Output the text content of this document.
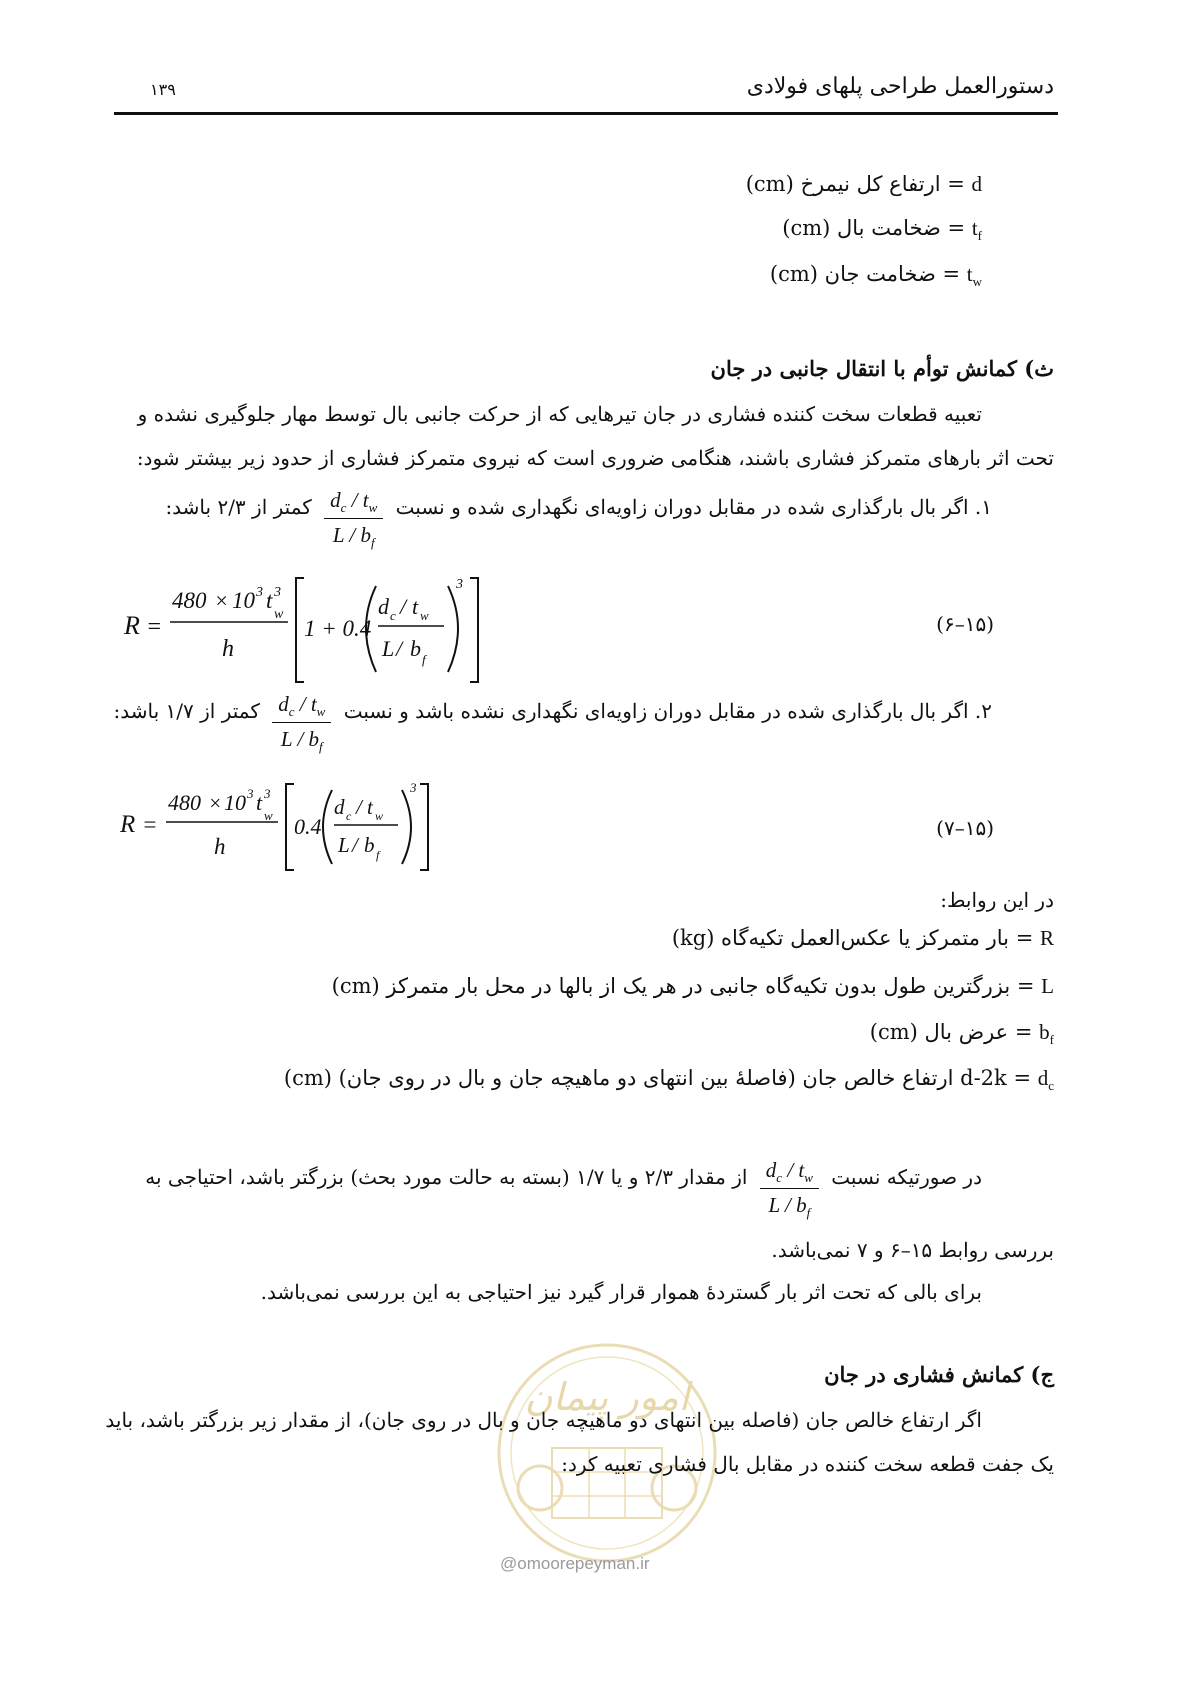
دستورالعمل طراحی پلهای فولادی
۱۳۹
d = ارتفاع کل نیمرخ (cm)
$t_f$ = ضخامت بال (cm)
$t_w$ = ضخامت جان (cm)
ث) کمانش توأم با انتقال جانبی در جان
تعبیه قطعات سخت کننده فشاری در جان تیرهایی که از حرکت جانبی بال توسط مهار جلوگیری نشده و
تحت اثر بارهای متمرکز فشاری باشند، هنگامی ضروری است که نیروی متمرکز فشاری از حدود زیر بیشتر شود:
۱. اگر بال بارگذاری شده در مقابل دوران زاویه‌ای نگهداری شده و نسبت
$\frac{d_c / t_w}{L / b_f}$
کمتر از ۲/۳ باشد:
R =
480 × 10 3 t 3
w
h
1 + 0.4
d c / t w
L / b f
3
(۱۵–۶)
۲. اگر بال بارگذاری شده در مقابل دوران زاویه‌ای نگهداری نشده باشد و نسبت
$\frac{d_c / t_w}{L / b_f}$
کمتر از ۱/۷ باشد:
R =
480 × 10 3 t 3
w
h
0.4
d c / t w
L / b f
3
(۱۵–۷)
در این روابط:
R = بار متمرکز یا عکس‌العمل تکیه‌گاه (kg)
L = بزرگترین طول بدون تکیه‌گاه جانبی در هر یک از بالها در محل بار متمرکز (cm)
$b_f$ = عرض بال (cm)
$d_c = d-2k$ ارتفاع خالص جان (فاصلهٔ بین انتهای دو ماهیچه جان و بال در روی جان) (cm)
در صورتیکه نسبت
$\frac{d_c / t_w}{L / b_f}$
از مقدار ۲/۳ و یا ۱/۷ (بسته به حالت مورد بحث) بزرگتر باشد، احتیاجی به
بررسی روابط ۱۵–۶ و ۷ نمی‌باشد.
برای بالی که تحت اثر بار گستردهٔ هموار قرار گیرد نیز احتیاجی به این بررسی نمی‌باشد.
امور پیمان
@omoorepeyman.ir
ج) کمانش فشاری در جان
اگر ارتفاع خالص جان (فاصله بین انتهای دو ماهیچه جان و بال در روی جان)، از مقدار زیر بزرگتر باشد، باید
یک جفت قطعه سخت کننده در مقابل بال فشاری تعبیه کرد:
